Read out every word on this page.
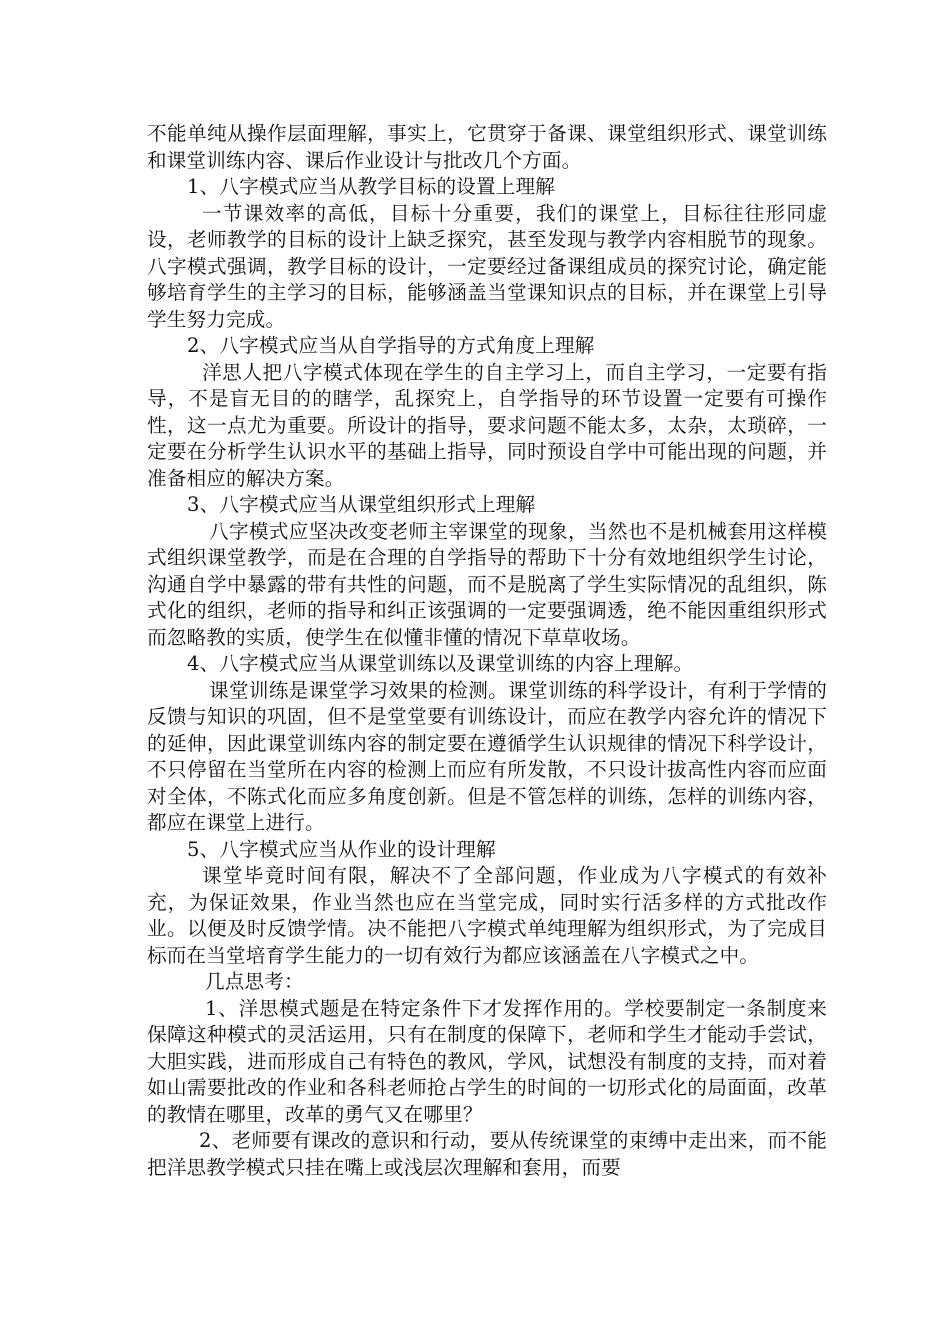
不能单纯从操作层面理解，事实上，它贯穿于备课、课堂组织形式、课堂训练和课堂训练内容、课后作业设计与批改几个方面。

1、八字模式应当从教学目标的设置上理解

一节课效率的高低，目标十分重要，我们的课堂上，目标往往形同虚设，老师教学的目标的设计上缺乏探究，甚至发现与教学内容相脱节的现象。八字模式强调，教学目标的设计，一定要经过备课组成员的探究讨论，确定能够培育学生的主学习的目标，能够涵盖当堂课知识点的目标，并在课堂上引导学生努力完成。

2、八字模式应当从自学指导的方式角度上理解

洋思人把八字模式体现在学生的自主学习上，而自主学习，一定要有指导，不是盲无目的的瞎学，乱探究上，自学指导的环节设置一定要有可操作性，这一点尤为重要。所设计的指导，要求问题不能太多，太杂，太琐碎，一定要在分析学生认识水平的基础上指导，同时预设自学中可能出现的问题，并准备相应的解决方案。

3、八字模式应当从课堂组织形式上理解

八字模式应坚决改变老师主宰课堂的现象，当然也不是机械套用这样模式组织课堂教学，而是在合理的自学指导的帮助下十分有效地组织学生讨论，沟通自学中暴露的带有共性的问题，而不是脱离了学生实际情况的乱组织，陈式化的组织，老师的指导和纠正该强调的一定要强调透，绝不能因重组织形式而忽略教的实质，使学生在似懂非懂的情况下草草收场。

4、八字模式应当从课堂训练以及课堂训练的内容上理解。

课堂训练是课堂学习效果的检测。课堂训练的科学设计，有利于学情的反馈与知识的巩固，但不是堂堂要有训练设计，而应在教学内容允许的情况下的延伸，因此课堂训练内容的制定要在遵循学生认识规律的情况下科学设计，不只停留在当堂所在内容的检测上而应有所发散，不只设计拔高性内容而应面对全体，不陈式化而应多角度创新。但是不管怎样的训练，怎样的训练内容，都应在课堂上进行。

5、八字模式应当从作业的设计理解

课堂毕竟时间有限，解决不了全部问题，作业成为八字模式的有效补充，为保证效果，作业当然也应在当堂完成，同时实行活多样的方式批改作业。以便及时反馈学情。决不能把八字模式单纯理解为组织形式，为了完成目标而在当堂培育学生能力的一切有效行为都应该涵盖在八字模式之中。

几点思考：

1、洋思模式题是在特定条件下才发挥作用的。学校要制定一条制度来保障这种模式的灵活运用，只有在制度的保障下，老师和学生才能动手尝试，大胆实践，进而形成自己有特色的教风，学风，试想没有制度的支持，而对着如山需要批改的作业和各科老师抢占学生的时间的一切形式化的局面面，改革的教情在哪里，改革的勇气又在哪里？

2、老师要有课改的意识和行动，要从传统课堂的束缚中走出来，而不能把洋思教学模式只挂在嘴上或浅层次理解和套用，而要
